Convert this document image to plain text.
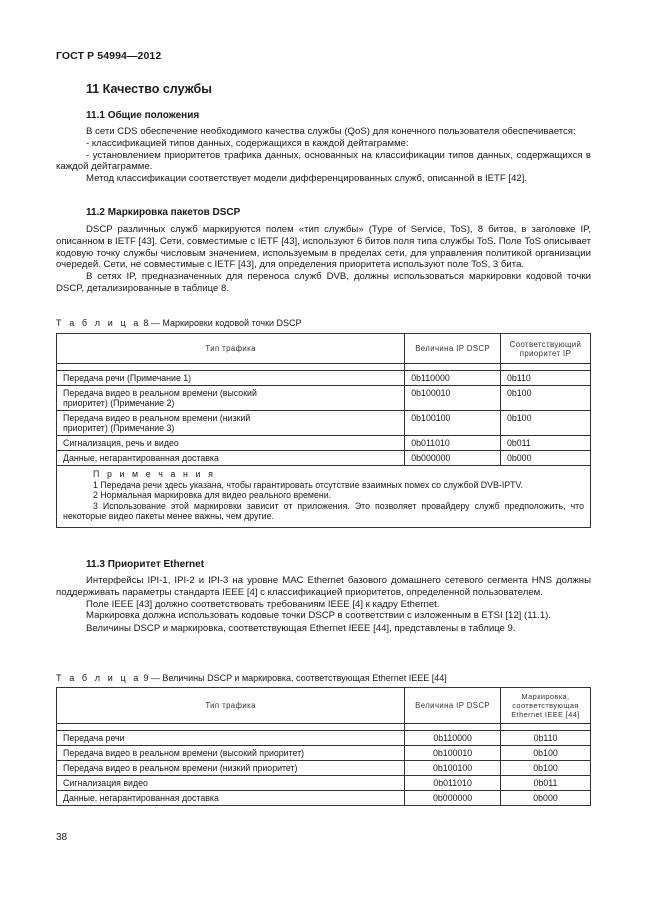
ГОСТ Р 54994—2012
11 Качество службы
11.1 Общие положения

В сети CDS обеспечение необходимого качества службы (QoS) для конечного пользователя обеспечивается:

- классификацией типов данных, содержащихся в каждой дейтаграмме:

- установлением приоритетов трафика данных, основанных на классификации типов данных, содержащихся в каждой дейтаграмме.

Метод классификации соответствует модели дифференцированных служб, описанной в IETF [42].

11.2 Маркировка пакетов DSCP

DSCP различных служб маркируются полем «тип службы» (Type of Service, ToS), 8 битов, в заголовке IP, описанном в IETF [43]. Сети, совместимые с IETF [43], используют 6 битов поля типа службы ToS. Поле ToS описывает кодовую точку службы числовым значением, используемым в пределах сети, для управления политикой организации очередей. Сети, не совместимые с IETF [43], для определения приоритета используют поле ToS, 3 бита.

В сетях IP, предназначенных для переноса служб DVB, должны использоваться маркировки кодовой точки DSCP, детализированные в таблице 8.

Т а б л и ц а 8 — Маркировки кодовой точки DSCP
Тип трафика	Величина IP DSCP	Соответствующий приоритет IP

Передача речи (Примечание 1)	0b110000	0b110

Передача видео в реальном времени (высокий приоритет) (Примечание 2)	0b100010	0b100

Передача видео в реальном времени (низкий приоритет) (Примечание 3)	0b100100	0b100
Сигнализация, речь и видео	0b011010	0b011
Данные, негарантированная доставка	0b000000	0b000

П р и м е ч а н и я
1 Передача речи здесь указана, чтобы гарантировать отсутствие взаимных помех со службой DVB-IPTV.
2 Нормальная маркировка для видео реального времени.
3 Использование этой маркировки зависит от приложения. Это позволяет провайдеру служб предположить, что некоторые видео пакеты менее важны, чем другие.		
11.3 Приоритет Ethernet

Интерфейсы IPI-1, IPI-2 и IPI-3 на уровне MAC Ethernet базового домашнего сетевого сегмента HNS должны поддерживать параметры стандарта IEEE [4] с классификацией приоритетов, определенной пользователем.

Поле IEEE [43] должно соответствовать требованиям IEEE [4] к кадру Ethernet.

Маркировка должна использовать кодовые точки DSCP в соответствии с изложенным в ETSI [12] (11.1).

Величины DSCP и маркировка, соответствующая Ethernet IEEE [44], представлены в таблице 9.

Т а б л и ц а 9 — Величины DSCP и маркировка, соответствующая Ethernet IEEE [44]
Тип трафика	Величина IP DSCP	Маркировка, соответствующая Ethernet IEEE [44]

Передача речи	0b110000	0b110
Передача видео в реальном времени (высокий приоритет)	0b100010	0b100
Передача видео в реальном времени (низкий приоритет)	0b100100	0b100
Сигнализация видео	0b011010	0b011
Данные, негарантированная доставка	0b000000	0b000
38
